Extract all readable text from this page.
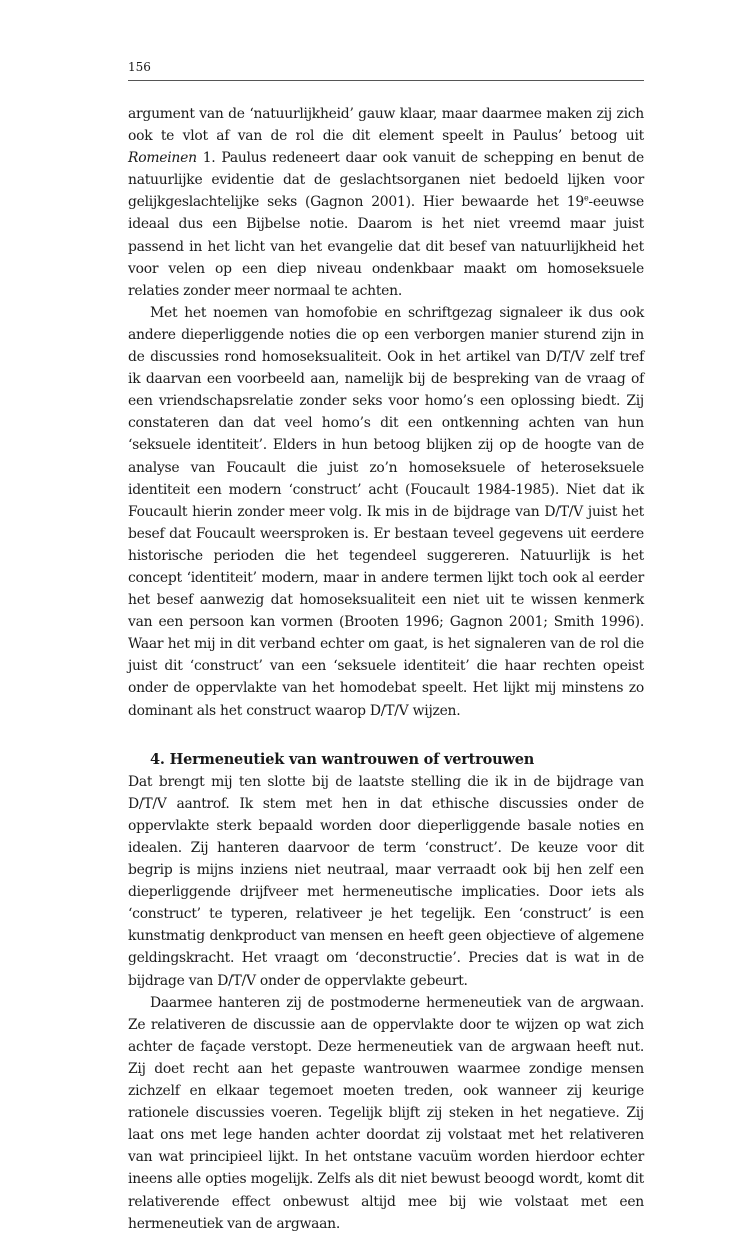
156

argument van de ‘natuurlijkheid’ gauw klaar, maar daarmee maken zij zich ook te vlot af van de rol die dit element speelt in Paulus’ betoog uit Romeinen 1. Paulus redeneert daar ook vanuit de schepping en benut de natuurlijke evidentie dat de geslachtsorganen niet bedoeld lijken voor gelijkgeslachtelijke seks (Gagnon 2001). Hier bewaarde het 19e-eeuwse ideaal dus een Bijbelse notie. Daarom is het niet vreemd maar juist passend in het licht van het evangelie dat dit besef van natuurlijkheid het voor velen op een diep niveau ondenkbaar maakt om homoseksuele relaties zonder meer normaal te achten.

Met het noemen van homofobie en schriftgezag signaleer ik dus ook andere dieperliggende noties die op een verborgen manier sturend zijn in de discussies rond homoseksualiteit. Ook in het artikel van D/T/V zelf tref ik daarvan een voorbeeld aan, namelijk bij de bespreking van de vraag of een vriendschapsrelatie zonder seks voor homo’s een oplossing biedt. Zij constateren dan dat veel homo’s dit een ontkenning achten van hun ‘seksuele identiteit’. Elders in hun betoog blijken zij op de hoogte van de analyse van Foucault die juist zo’n homoseksuele of heteroseksuele identiteit een modern ‘construct’ acht (Foucault 1984-1985). Niet dat ik Foucault hierin zonder meer volg. Ik mis in de bijdrage van D/T/V juist het besef dat Foucault weersproken is. Er bestaan teveel gegevens uit eerdere historische perioden die het tegendeel suggereren. Natuurlijk is het concept ‘identiteit’ modern, maar in andere termen lijkt toch ook al eerder het besef aanwezig dat homoseksualiteit een niet uit te wissen kenmerk van een persoon kan vormen (Brooten 1996; Gagnon 2001; Smith 1996). Waar het mij in dit verband echter om gaat, is het signaleren van de rol die juist dit ‘construct’ van een ‘seksuele identiteit’ die haar rechten opeist onder de oppervlakte van het homodebat speelt. Het lijkt mij minstens zo dominant als het construct waarop D/T/V wijzen.

4. Hermeneutiek van wantrouwen of vertrouwen

Dat brengt mij ten slotte bij de laatste stelling die ik in de bijdrage van D/T/V aantrof. Ik stem met hen in dat ethische discussies onder de oppervlakte sterk bepaald worden door dieperliggende basale noties en idealen. Zij hanteren daarvoor de term ‘construct’. De keuze voor dit begrip is mijns inziens niet neutraal, maar verraadt ook bij hen zelf een dieperliggende drijfveer met hermeneutische implicaties. Door iets als ‘construct’ te typeren, relativeer je het tegelijk. Een ‘construct’ is een kunstmatig denkproduct van mensen en heeft geen objectieve of algemene geldingskracht. Het vraagt om ‘deconstructie’. Precies dat is wat in de bijdrage van D/T/V onder de oppervlakte gebeurt.

Daarmee hanteren zij de postmoderne hermeneutiek van de argwaan. Ze relativeren de discussie aan de oppervlakte door te wijzen op wat zich achter de façade verstopt. Deze hermeneutiek van de argwaan heeft nut. Zij doet recht aan het gepaste wantrouwen waarmee zondige mensen zichzelf en elkaar tegemoet moeten treden, ook wanneer zij keurige rationele discussies voeren. Tegelijk blijft zij steken in het negatieve. Zij laat ons met lege handen achter doordat zij volstaat met het relativeren van wat principieel lijkt. In het ontstane vacuüm worden hierdoor echter ineens alle opties mogelijk. Zelfs als dit niet bewust beoogd wordt, komt dit relativerende effect onbewust altijd mee bij wie volstaat met een hermeneutiek van de argwaan.
